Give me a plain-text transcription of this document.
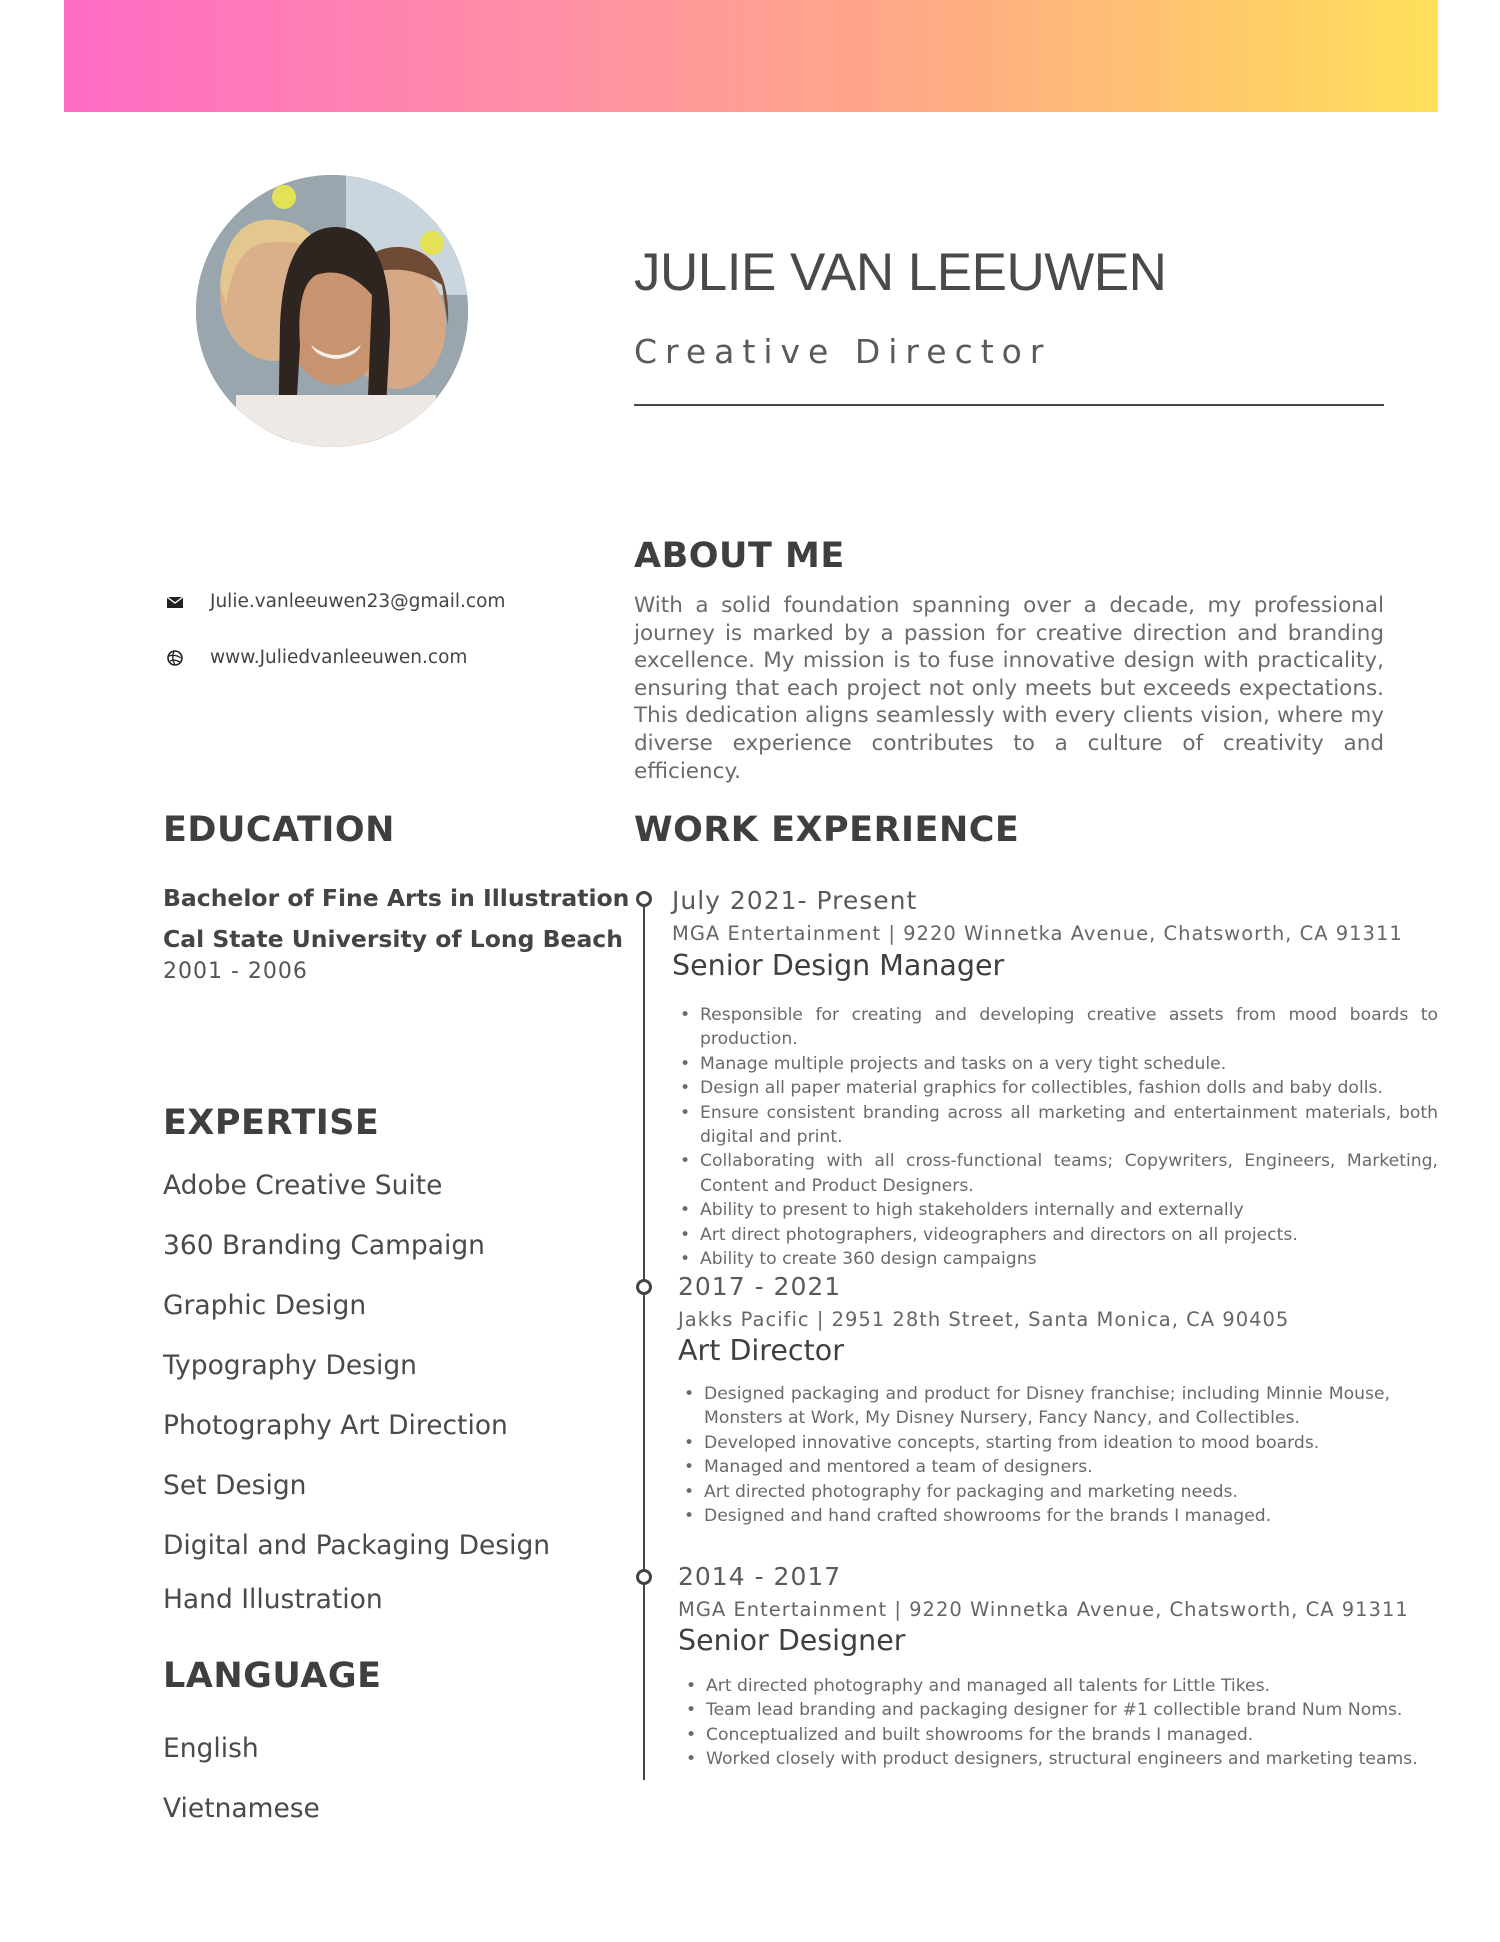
JULIE VAN LEEUWEN
Creative Director
Julie.vanleeuwen23@gmail.com
www.Juliedvanleeuwen.com
ABOUT ME

With a solid foundation spanning over a decade, my professional journey is marked by a passion for creative direction and branding excellence. My mission is to fuse innovative design with practicality, ensuring that each project not only meets but exceeds expectations. This dedication aligns seamlessly with every clients vision, where my diverse experience contributes to a culture of creativity and efficiency.

EDUCATION
Bachelor of Fine Arts in Illustration
Cal State University of Long Beach
2001 - 2006
EXPERTISE
Adobe Creative Suite
360 Branding Campaign
Graphic Design
Typography Design
Photography Art Direction
Set Design
Digital and Packaging Design
Hand Illustration
LANGUAGE
English
Vietnamese
WORK EXPERIENCE
July 2021- Present
MGA Entertainment | 9220 Winnetka Avenue, Chatsworth, CA 91311
Senior Design Manager
• Responsible for creating and developing creative assets from mood boards to production.
• Manage multiple projects and tasks on a very tight schedule.
• Design all paper material graphics for collectibles, fashion dolls and baby dolls.
• Ensure consistent branding across all marketing and entertainment materials, both digital and print.
• Collaborating with all cross-functional teams; Copywriters, Engineers, Marketing, Content and Product Designers.
• Ability to present to high stakeholders internally and externally
• Art direct photographers, videographers and directors on all projects.
• Ability to create 360 design campaigns
2017 - 2021
Jakks Pacific | 2951 28th Street, Santa Monica, CA 90405
Art Director
• Designed packaging and product for Disney franchise; including Minnie Mouse, Monsters at Work, My Disney Nursery, Fancy Nancy, and Collectibles.
• Developed innovative concepts, starting from ideation to mood boards.
• Managed and mentored a team of designers.
• Art directed photography for packaging and marketing needs.
• Designed and hand crafted showrooms for the brands I managed.
2014 - 2017
MGA Entertainment | 9220 Winnetka Avenue, Chatsworth, CA 91311
Senior Designer
• Art directed photography and managed all talents for Little Tikes.
• Team lead branding and packaging designer for #1 collectible brand Num Noms.
• Conceptualized and built showrooms for the brands I managed.
• Worked closely with product designers, structural engineers and marketing teams.
